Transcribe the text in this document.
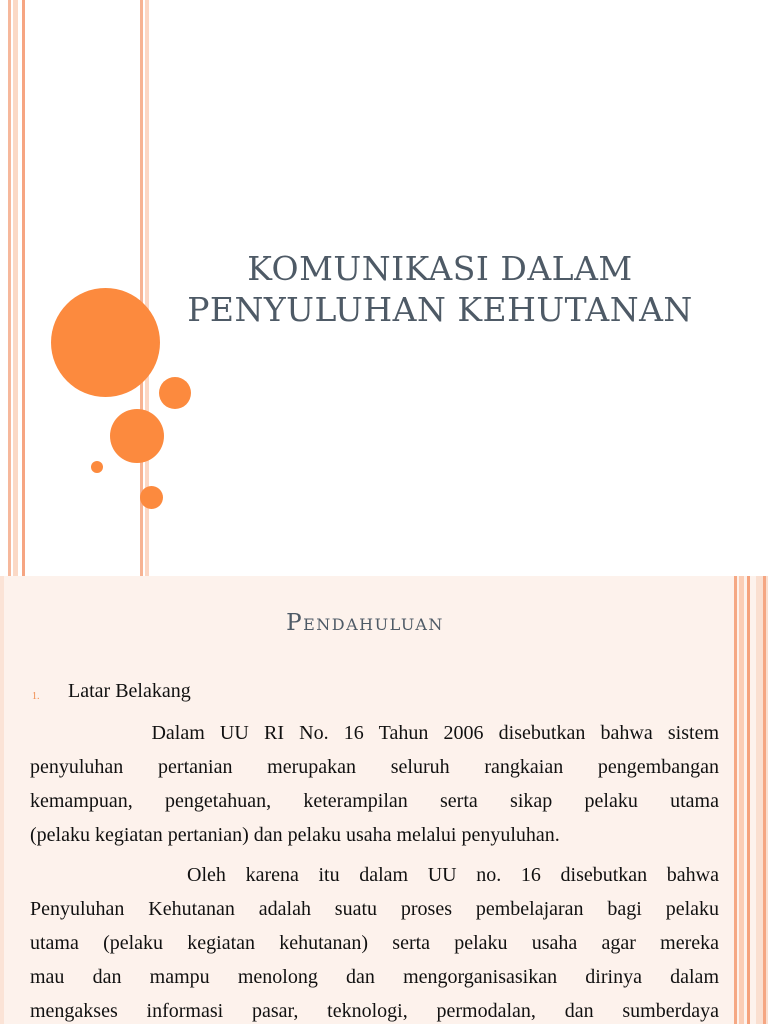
KOMUNIKASI DALAM
PENYULUHAN KEHUTANAN
Pendahuluan
1. Latar Belakang
Dalam UU RI No. 16 Tahun 2006 disebutkan bahwa sistem
penyuluhan pertanian merupakan seluruh rangkaian pengembangan
kemampuan, pengetahuan, keterampilan serta sikap pelaku utama
(pelaku kegiatan pertanian) dan pelaku usaha melalui penyuluhan.
Oleh karena itu dalam UU no. 16 disebutkan bahwa
Penyuluhan Kehutanan adalah suatu proses pembelajaran bagi pelaku
utama (pelaku kegiatan kehutanan) serta pelaku usaha agar mereka
mau dan mampu menolong dan mengorganisasikan dirinya dalam
mengakses informasi pasar, teknologi, permodalan, dan sumberdaya
